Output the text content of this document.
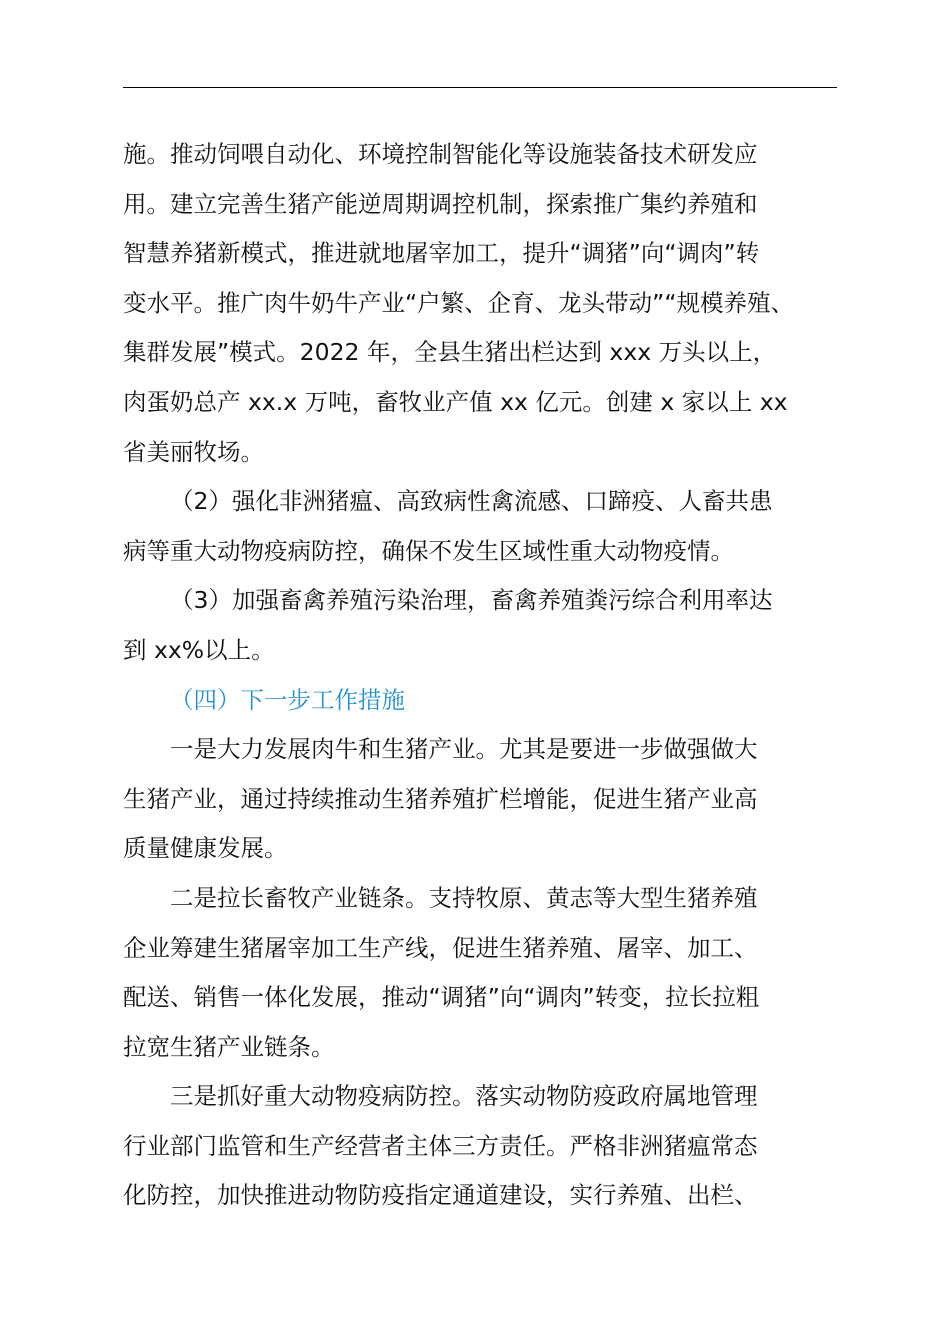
施。推动饲喂自动化、环境控制智能化等设施装备技术研发应
用。建立完善生猪产能逆周期调控机制，探索推广集约养殖和
智慧养猪新模式，推进就地屠宰加工，提升“调猪”向“调肉”转
变水平。推广肉牛奶牛产业“户繁、企育、龙头带动”“规模养殖、
集群发展”模式。2022 年，全县生猪出栏达到 xxx 万头以上，
肉蛋奶总产 xx.x 万吨，畜牧业产值 xx 亿元。创建 x 家以上 xx
省美丽牧场。
（2）强化非洲猪瘟、高致病性禽流感、口蹄疫、人畜共患
病等重大动物疫病防控，确保不发生区域性重大动物疫情。
（3）加强畜禽养殖污染治理，畜禽养殖粪污综合利用率达
到 xx%以上。
（四）下一步工作措施
一是大力发展肉牛和生猪产业。尤其是要进一步做强做大
生猪产业，通过持续推动生猪养殖扩栏增能，促进生猪产业高
质量健康发展。
二是拉长畜牧产业链条。支持牧原、黄志等大型生猪养殖
企业筹建生猪屠宰加工生产线，促进生猪养殖、屠宰、加工、
配送、销售一体化发展，推动“调猪”向“调肉”转变，拉长拉粗
拉宽生猪产业链条。
三是抓好重大动物疫病防控。落实动物防疫政府属地管理
行业部门监管和生产经营者主体三方责任。严格非洲猪瘟常态
化防控，加快推进动物防疫指定通道建设，实行养殖、出栏、
